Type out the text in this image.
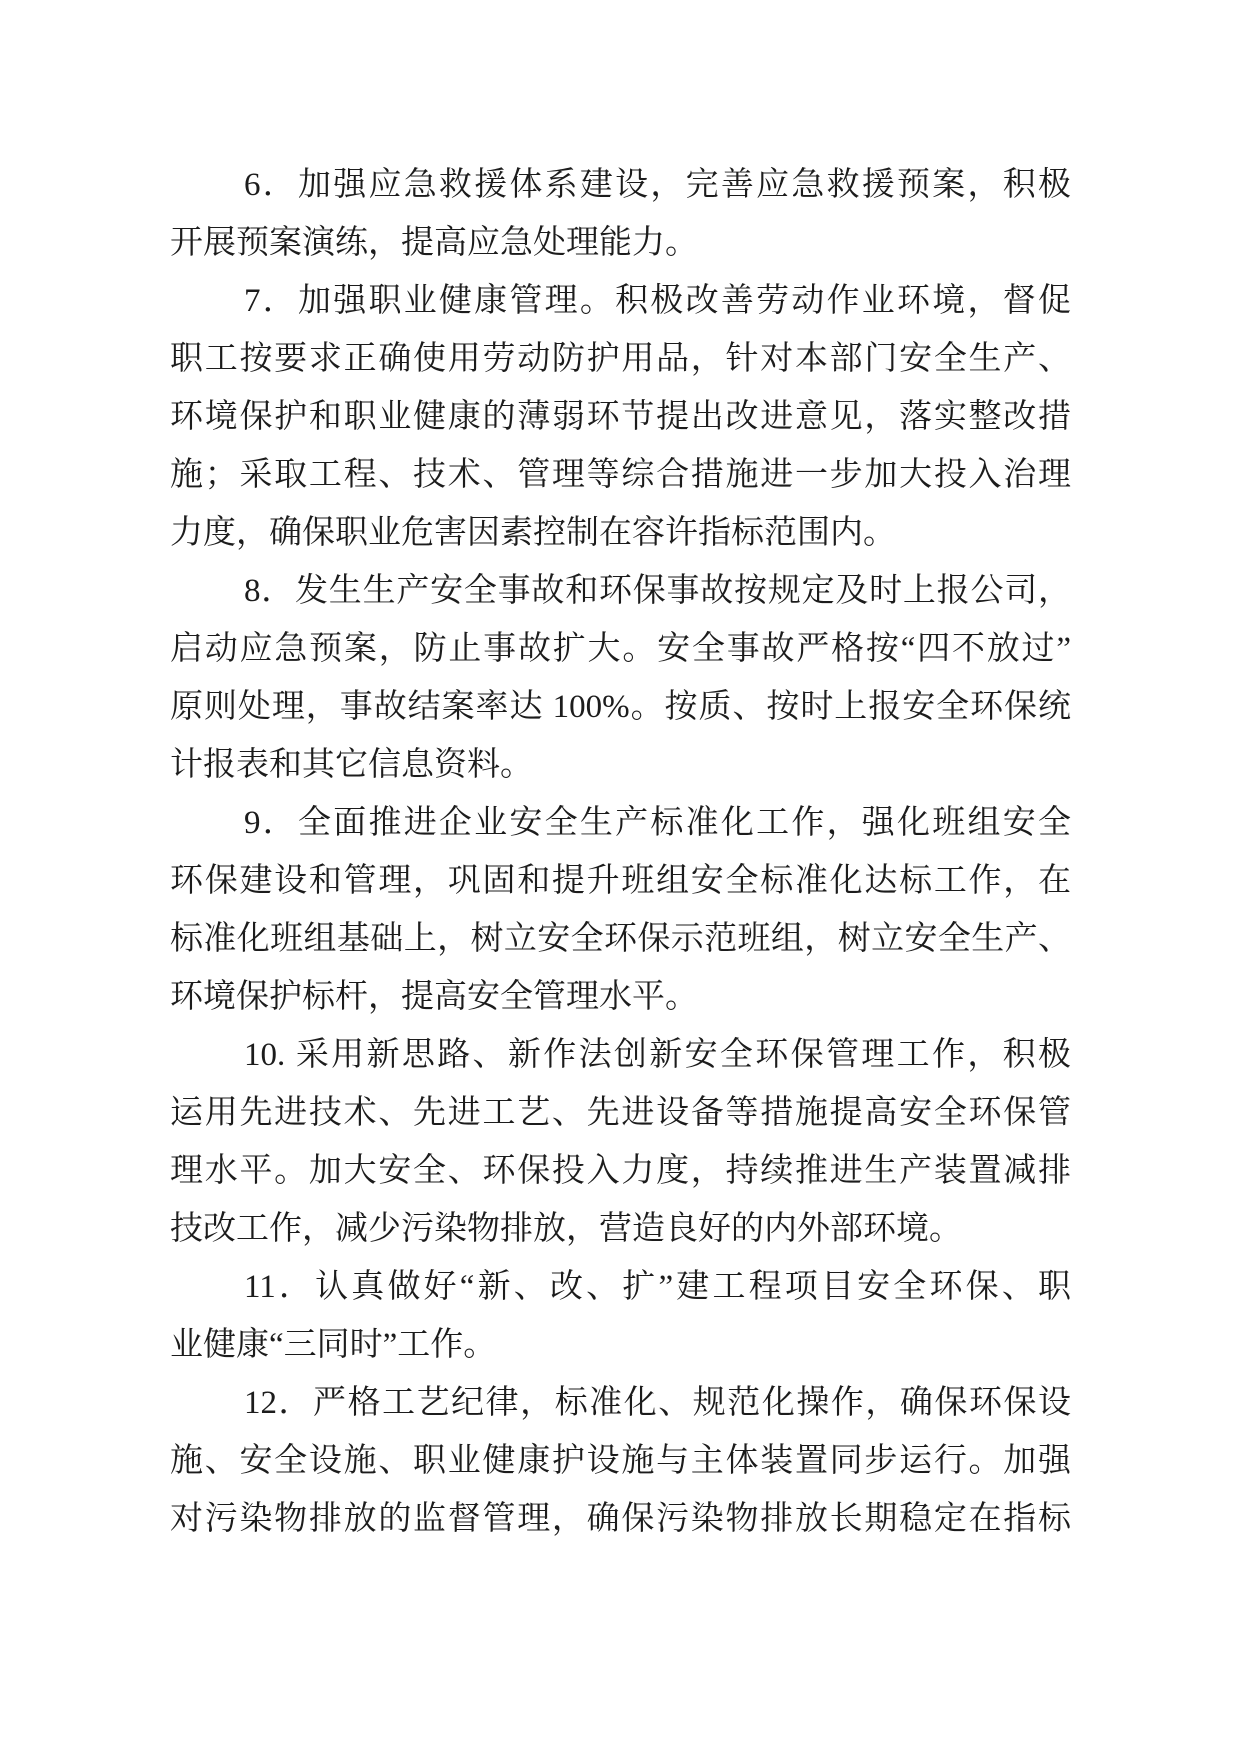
6．加强应急救援体系建设，完善应急救援预案，积极
开展预案演练，提高应急处理能力。

7．加强职业健康管理。积极改善劳动作业环境，督促
职工按要求正确使用劳动防护用品，针对本部门安全生产、
环境保护和职业健康的薄弱环节提出改进意见，落实整改措
施；采取工程、技术、管理等综合措施进一步加大投入治理
力度，确保职业危害因素控制在容许指标范围内。

8．发生生产安全事故和环保事故按规定及时上报公司，
启动应急预案，防止事故扩大。安全事故严格按“四不放过”
原则处理，事故结案率达 100%。按质、按时上报安全环保统
计报表和其它信息资料。

9．全面推进企业安全生产标准化工作，强化班组安全
环保建设和管理，巩固和提升班组安全标准化达标工作，在
标准化班组基础上，树立安全环保示范班组，树立安全生产、
环境保护标杆，提高安全管理水平。

10. 采用新思路、新作法创新安全环保管理工作，积极
运用先进技术、先进工艺、先进设备等措施提高安全环保管
理水平。加大安全、环保投入力度，持续推进生产装置减排
技改工作，减少污染物排放，营造良好的内外部环境。

11．认真做好“新、改、扩”建工程项目安全环保、职
业健康“三同时”工作。

12．严格工艺纪律，标准化、规范化操作，确保环保设
施、安全设施、职业健康护设施与主体装置同步运行。加强
对污染物排放的监督管理，确保污染物排放长期稳定在指标
